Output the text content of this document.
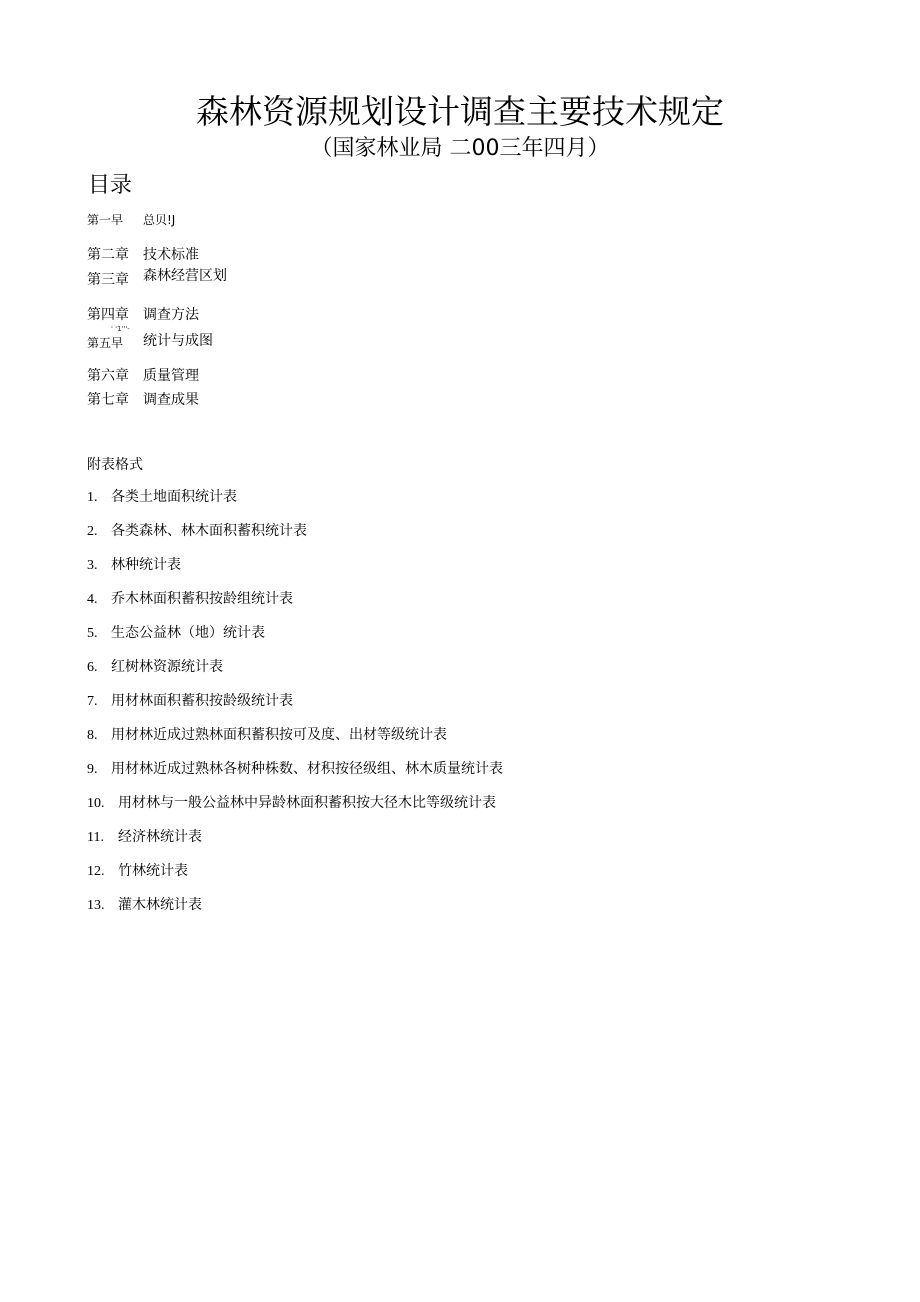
森林资源规划设计调查主要技术规定
（国家林业局 二00三年四月）
目录
第一早 总贝!J
第二章 技术标准
第三章 森林经营区划
第四章 调查方法
' '1'''-
第五早 统计与成图
第六章 质量管理
第七章 调查成果
附表格式
1. 各类土地面积统计表
2. 各类森林、林木面积蓄积统计表
3. 林种统计表
4. 乔木林面积蓄积按龄组统计表
5. 生态公益林（地）统计表
6. 红树林资源统计表
7. 用材林面积蓄积按龄级统计表
8. 用材林近成过熟林面积蓄积按可及度、出材等级统计表
9. 用材林近成过熟林各树种株数、材积按径级组、林木质量统计表
10. 用材林与一般公益林中异龄林面积蓄积按大径木比等级统计表
11. 经济林统计表
12. 竹林统计表
13. 灌木林统计表
